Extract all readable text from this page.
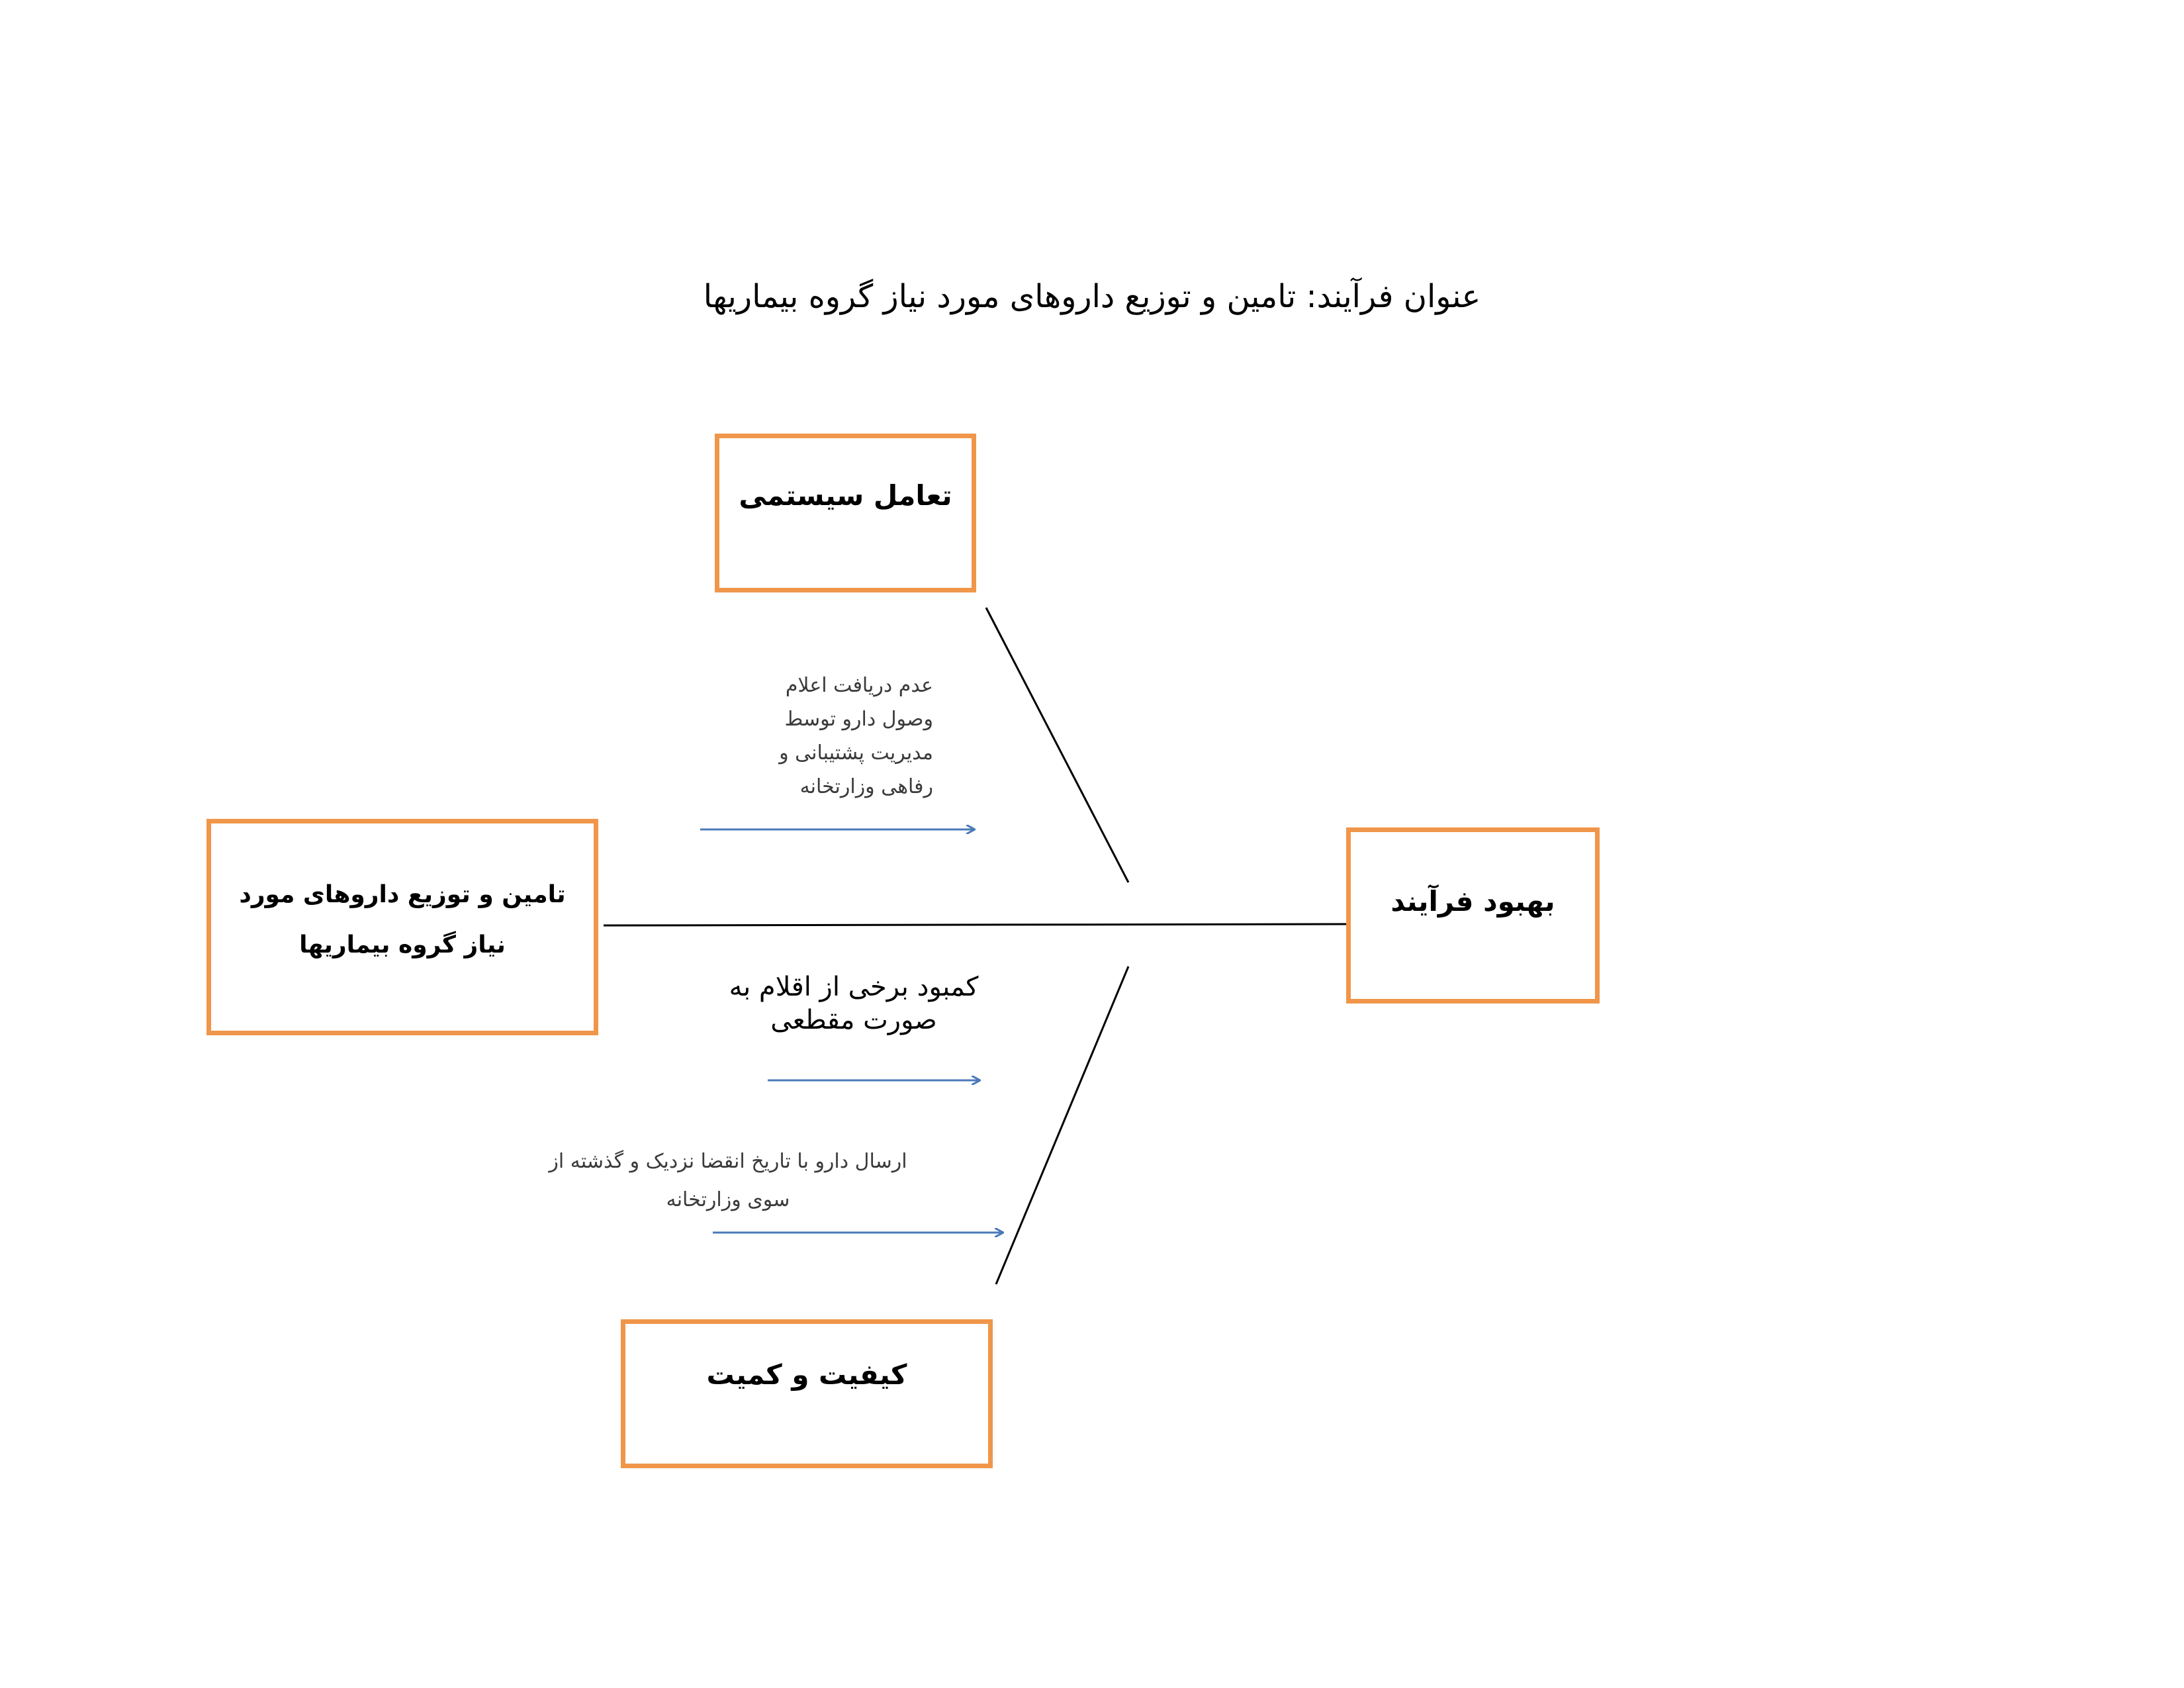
عنوان فرآیند: تامین و توزیع داروهای مورد نیاز گروه بیماریها
تعامل سیستمی
تامین و توزیع داروهای مورد نیاز گروه بیماریها
بهبود فرآیند
کیفیت و کمیت
عدم دریافت اعلام
وصول دارو توسط
مدیریت پشتیبانی و
رفاهی وزارتخانه
کمبود برخی از اقلام به صورت مقطعی
ارسال دارو با تاریخ انقضا نزدیک و گذشته از سوی وزارتخانه
